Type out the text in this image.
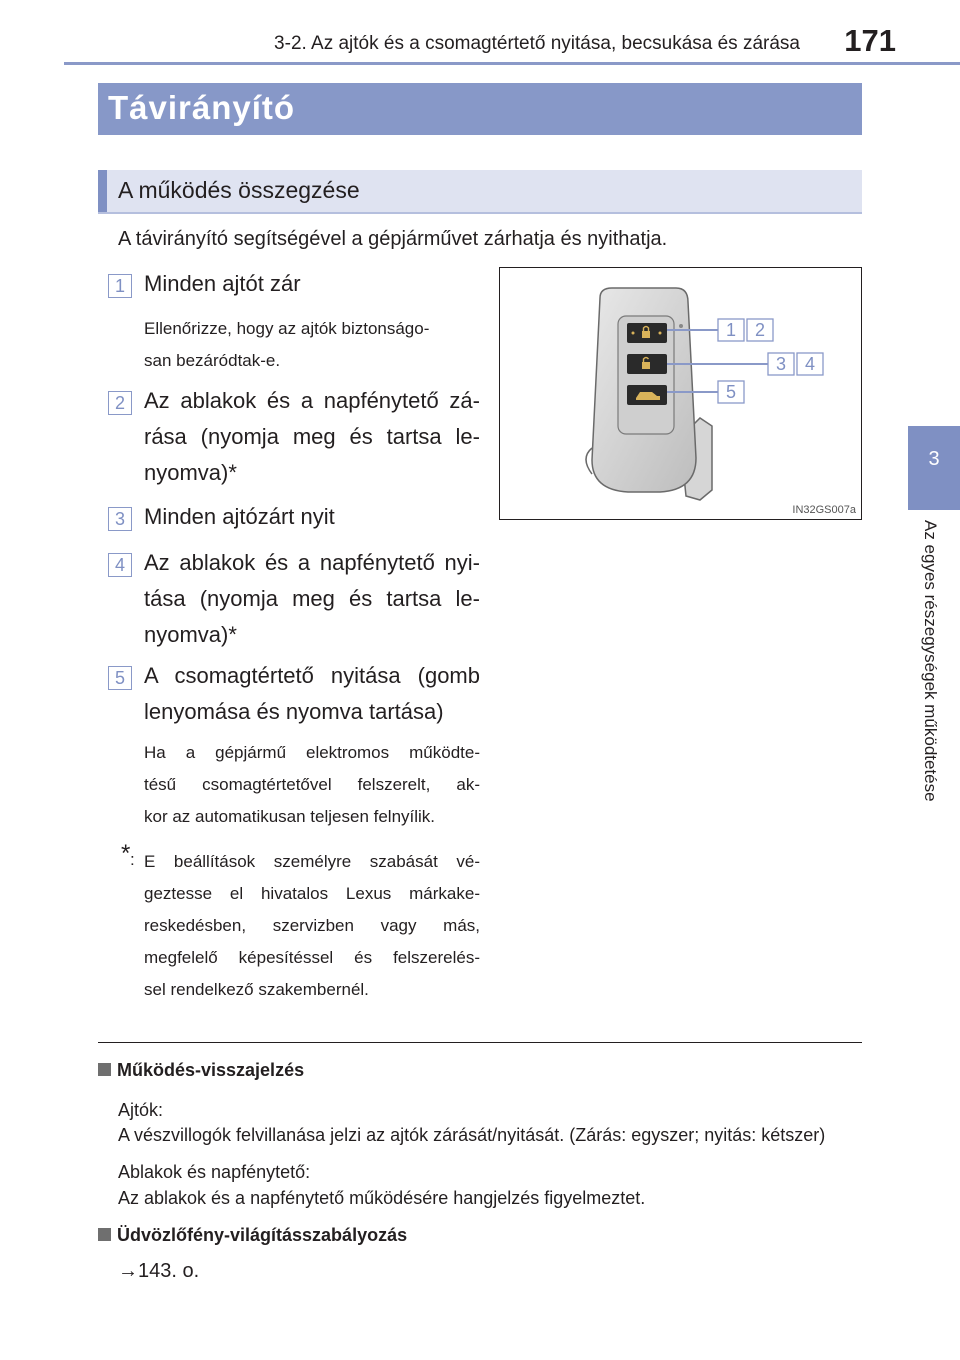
3-2. Az ajtók és a csomagtértető nyitása, becsukása és zárása	171
3
Az egyes részegységek működtetése
Távirányító
A működés összegzése
A távirányító segítségével a gépjárművet zárhatja és nyithatja.
1 Minden ajtót zár
Ellenőrizze, hogy az ajtók biztonságo-
san bezáródtak-e.
2 Az ablakok és a napfénytető zá-
rása (nyomja meg és tartsa le-
nyomva)*
3 Minden ajtózárt nyit
4 Az ablakok és a napfénytető nyi-
tása (nyomja meg és tartsa le-
nyomva)*
5 A csomagtértető nyitása (gomb
lenyomása és nyomva tartása)
Ha a gépjármű elektromos működte-
tésű csomagtértetővel felszerelt, ak-
kor az automatikusan teljesen felnyílik.
* : E beállítások személyre szabását vé-
geztesse el hivatalos Lexus márkake-
reskedésben, szervizben vagy más,
megfelelő képesítéssel és felszerelés-
sel rendelkező szakembernél.
1 2
3 4
5
IN32GS007a
Működés-visszajelzés
Ajtók:
A vészvillogók felvillanása jelzi az ajtók zárását/nyitását. (Zárás: egyszer; nyitás: kétszer)
Ablakok és napfénytető:
Az ablakok és a napfénytető működésére hangjelzés figyelmeztet.
Üdvözlőfény-világításszabályozás
→143. o.
